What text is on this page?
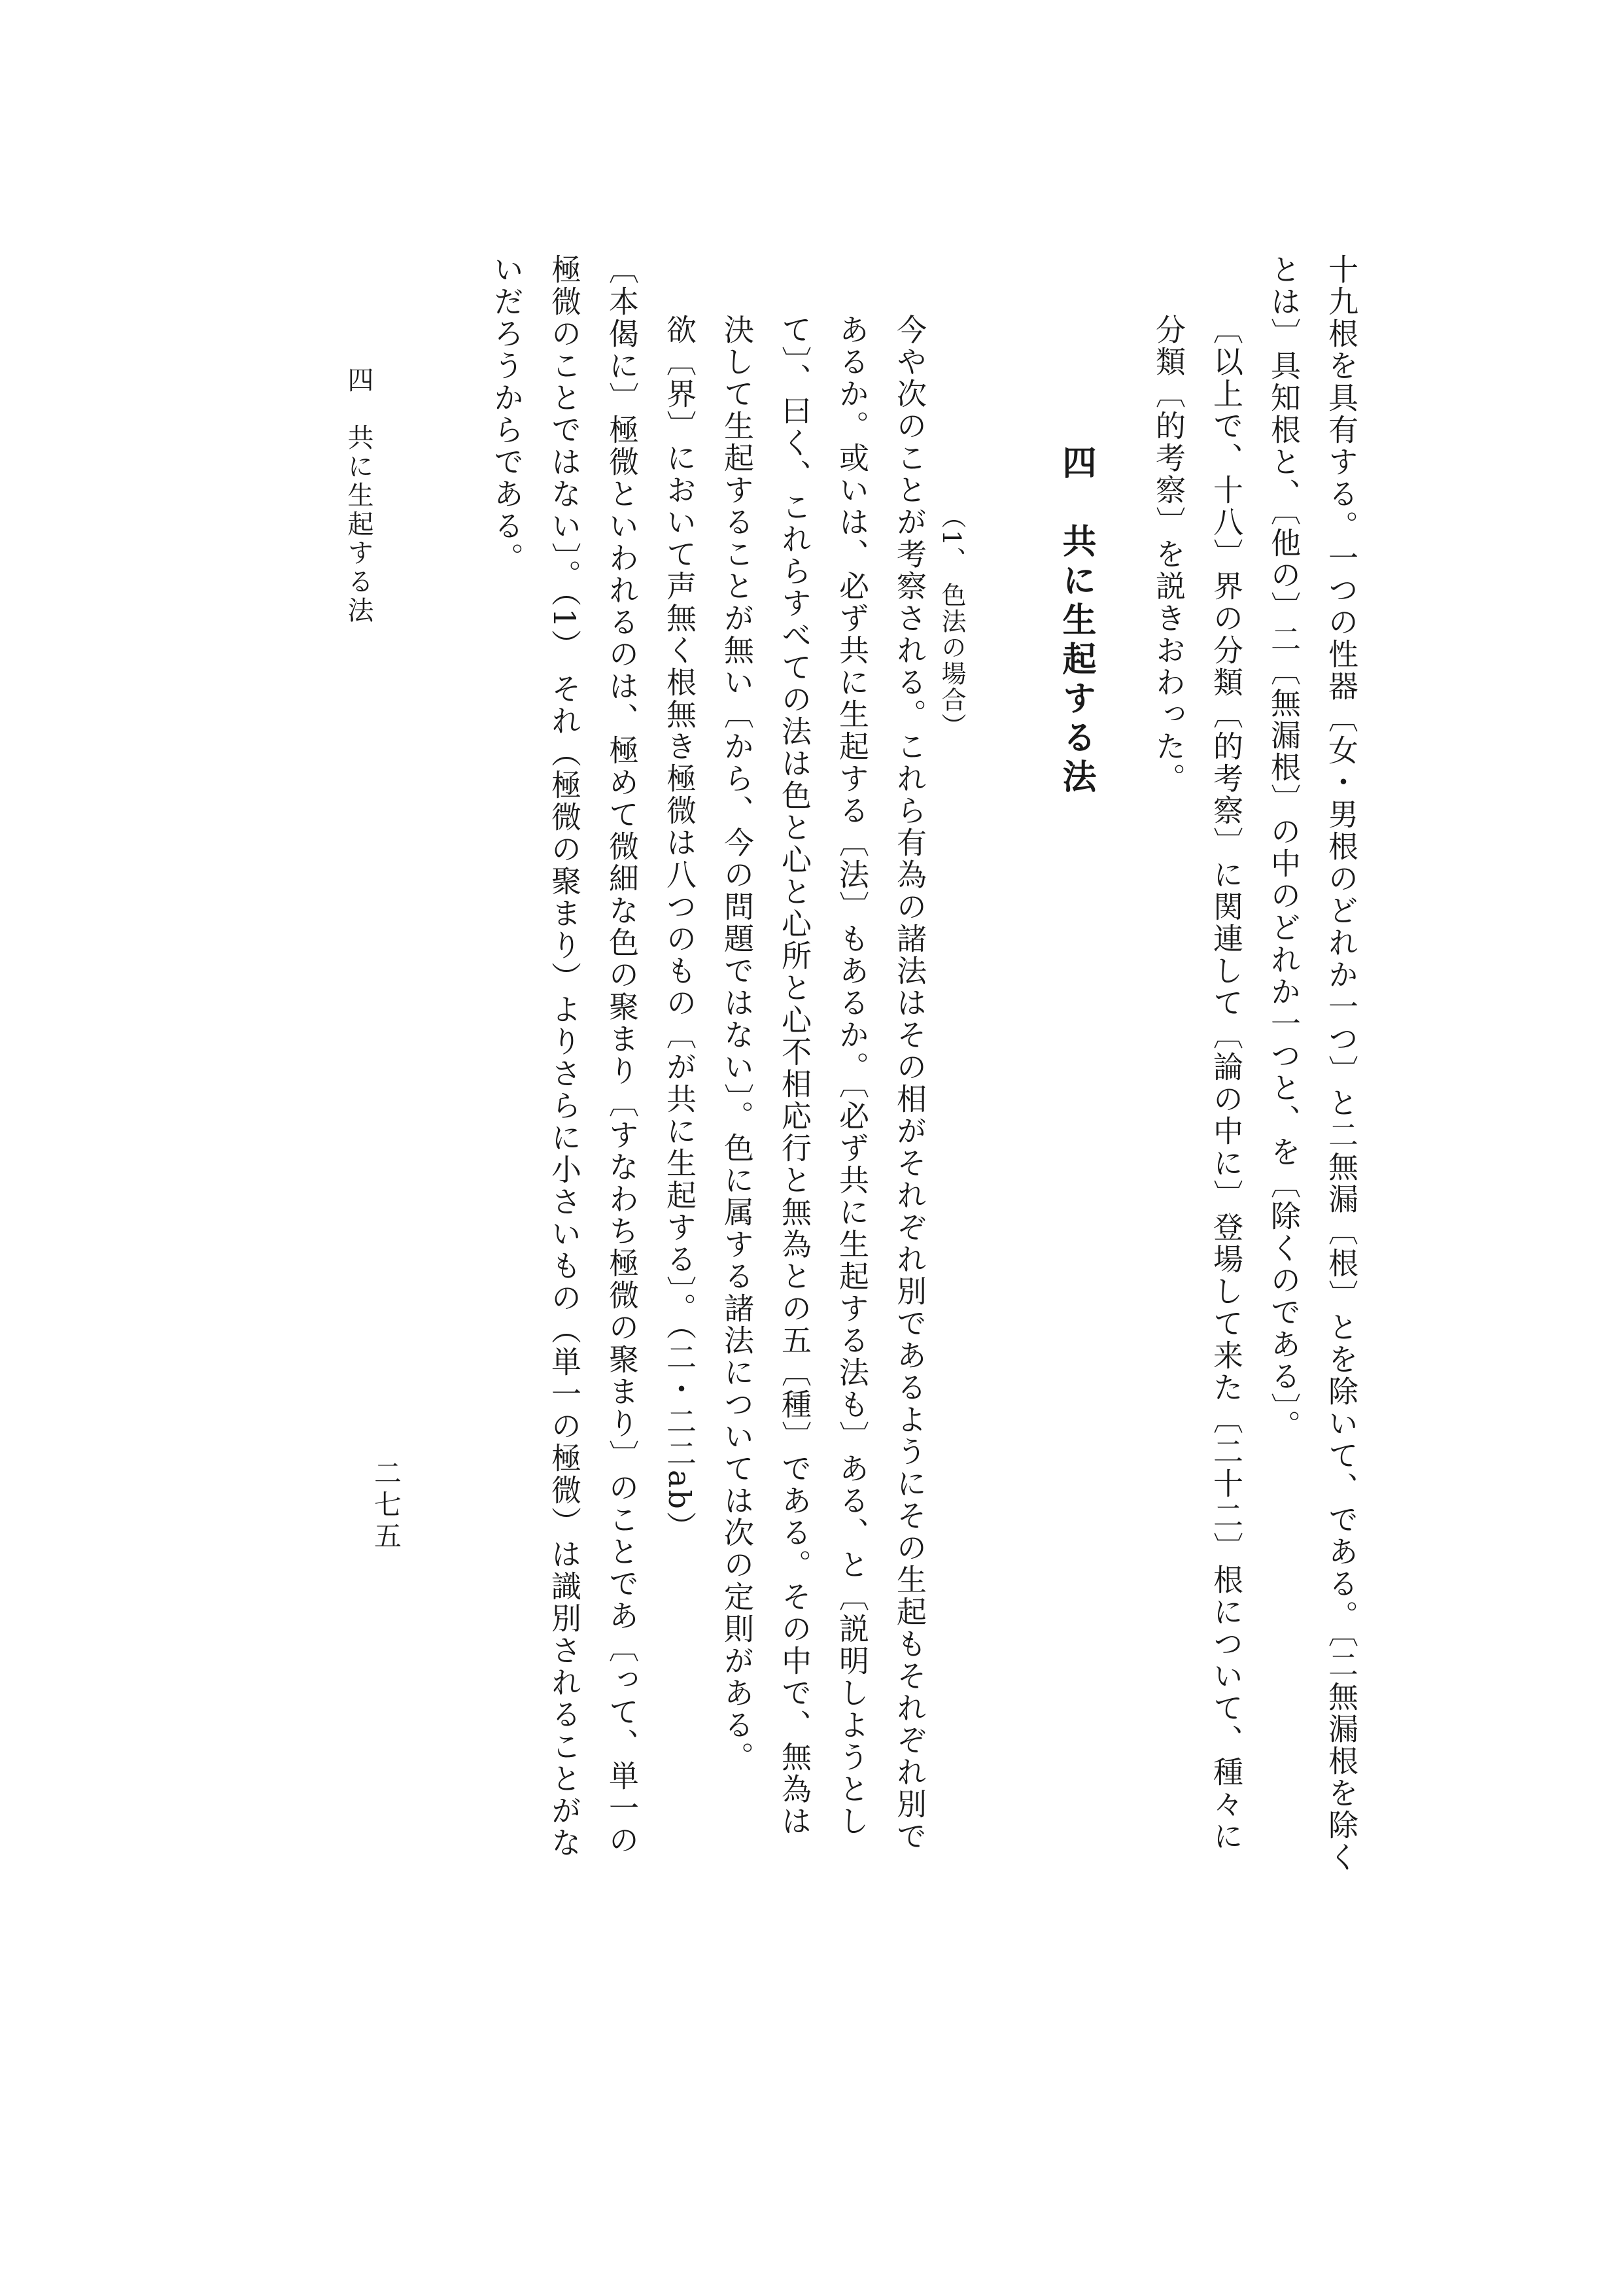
十九根を具有する。一つの性器〔女・男根のどれか一つ〕と二無漏〔根〕とを除いて、である。〔二無漏根を除くとは〕具知根と、〔他の〕二〔無漏根〕の中のどれか一つと、を〔除くのである〕。

〔以上で、十八〕界の分類〔的考察〕に関連して〔論の中に〕登場して来た〔二十二〕根について、種々に分類〔的考察〕を説きおわった。

四　共に生起する法
（1、 色法の場合）

今や次のことが考察される。これら有為の諸法はその相がそれぞれ別であるようにその生起もそれぞれ別であるか。或いは、必ず共に生起する〔法〕もあるか。〔必ず共に生起する法も〕ある、と〔説明しようとして〕、曰く、これらすべての法は色と心と心所と心不相応行と無為との五〔種〕である。その中で、無為は決して生起することが無い〔から、今の問題ではない〕。色に属する諸法については次の定則がある。

欲〔界〕において声無く根無き極微は八つのもの〔が共に生起する〕。（二・二二ab）

〔本偈に〕極微といわれるのは、極めて微細な色の聚まり〔すなわち極微の聚まり〕のことであ〔って、単一の極微のことではない〕。（1） それ（極微の聚まり）よりさらに小さいもの（単一の極微）は識別されることがないだろうからである。

四　共に生起する法
二七五
